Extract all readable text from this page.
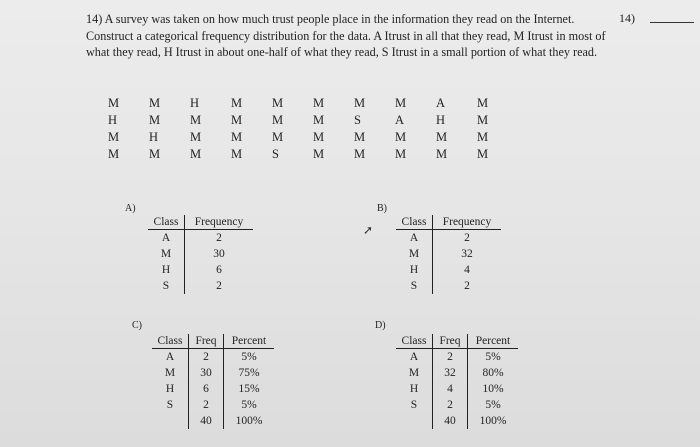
14) A survey was taken on how much trust people place in the information they read on the Internet. Construct a categorical frequency distribution for the data. A Itrust in all that they read, M Itrust in most of what they read, H Itrust in about one-half of what they read, S Itrust in a small portion of what they read.
14)
M	M	H	M	M	M	M	M	A	M
H	M	M	M	M	M	S	A	H	M
M	H	M	M	M	M	M	M	M	M
M	M	M	M	S	M	M	M	M	M
A)
Class	Frequency
A	2
M	30
H	6
S	2
B)
Class	Frequency
A	2
M	32
H	4
S	2
➚
C)
Class	Freq	Percent
A	2	5%
M	30	75%
H	6	15%
S	2	5%
	40	100%
D)
Class	Freq	Percent
A	2	5%
M	32	80%
H	4	10%
S	2	5%
	40	100%
